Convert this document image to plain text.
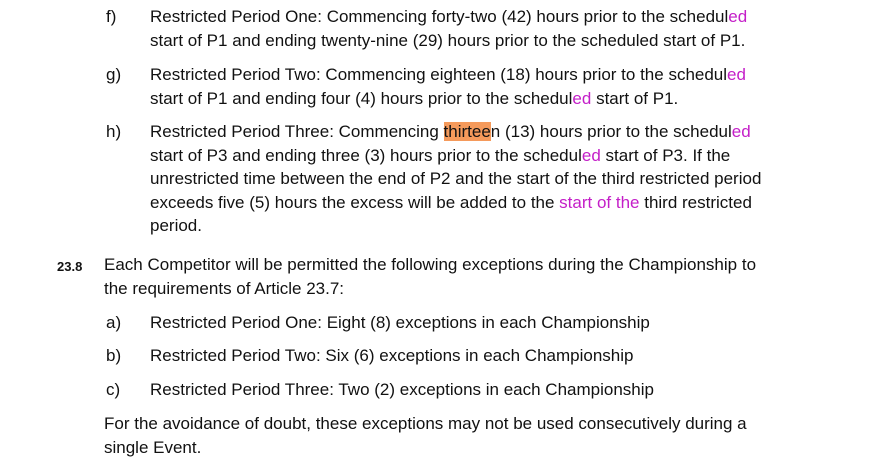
f) Restricted Period One: Commencing forty-two (42) hours prior to the scheduled
start of P1 and ending twenty-nine (29) hours prior to the scheduled start of P1.
g) Restricted Period Two: Commencing eighteen (18) hours prior to the scheduled
start of P1 and ending four (4) hours prior to the scheduled start of P1.
h) Restricted Period Three: Commencing thirteen (13) hours prior to the scheduled
start of P3 and ending three (3) hours prior to the scheduled start of P3. If the
unrestricted time between the end of P2 and the start of the third restricted period
exceeds five (5) hours the excess will be added to the start of the third restricted
period.
23.8 Each Competitor will be permitted the following exceptions during the Championship to
the requirements of Article 23.7:
a) Restricted Period One: Eight (8) exceptions in each Championship
b) Restricted Period Two: Six (6) exceptions in each Championship
c) Restricted Period Three: Two (2) exceptions in each Championship
For the avoidance of doubt, these exceptions may not be used consecutively during a
single Event.
